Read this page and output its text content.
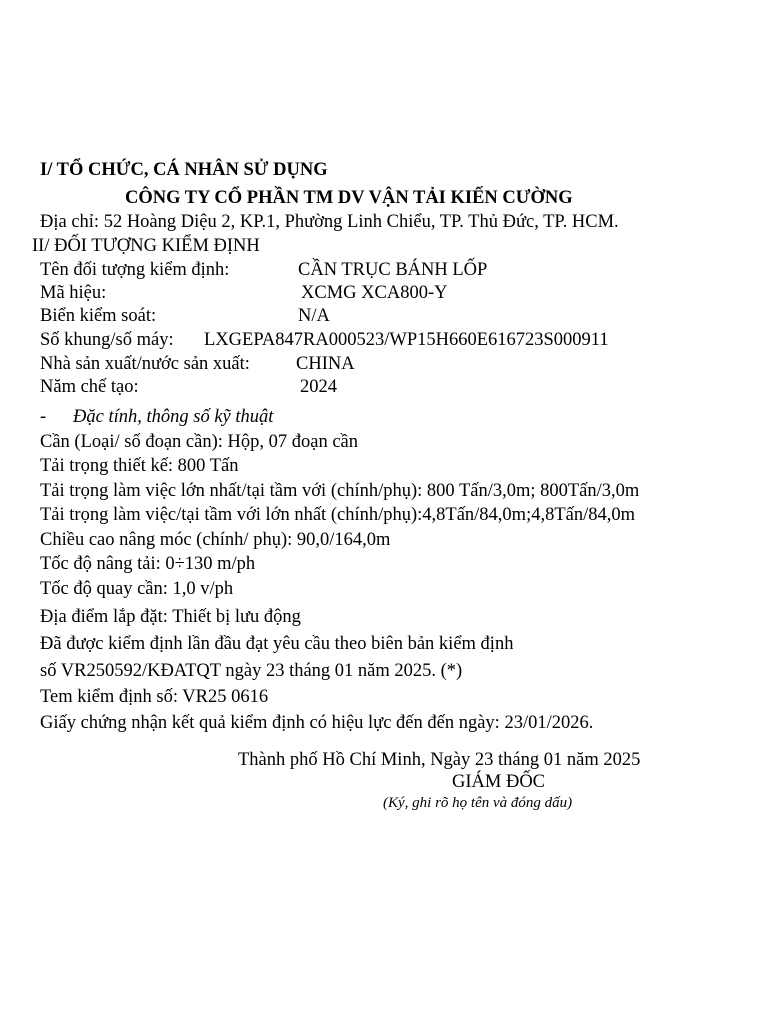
I/ TỔ CHỨC, CÁ NHÂN SỬ DỤNG
CÔNG TY CỔ PHẦN TM DV VẬN TẢI KIẾN CƯỜNG
Địa chỉ: 52 Hoàng Diệu 2, KP.1, Phường Linh Chiểu, TP. Thủ Đức, TP. HCM.
II/ ĐỐI TƯỢNG KIỂM ĐỊNH
Tên đối tượng kiểm định:	CẦN TRỤC BÁNH LỐP
Mã hiệu:	XCMG XCA800-Y
Biển kiểm soát:	N/A
Số khung/số máy: LXGEPA847RA000523/WP15H660E616723S000911
Nhà sản xuất/nước sản xuất: CHINA
Năm chế tạo:	2024
- Đặc tính, thông số kỹ thuật
Cần (Loại/ số đoạn cần): Hộp, 07 đoạn cần
Tải trọng thiết kế: 800 Tấn
Tải trọng làm việc lớn nhất/tại tầm với (chính/phụ): 800 Tấn/3,0m; 800Tấn/3,0m
Tải trọng làm việc/tại tầm với lớn nhất (chính/phụ):4,8Tấn/84,0m;4,8Tấn/84,0m
Chiều cao nâng móc (chính/ phụ): 90,0/164,0m
Tốc độ nâng tải: 0÷130 m/ph
Tốc độ quay cần: 1,0 v/ph
Địa điểm lắp đặt: Thiết bị lưu động
Đã được kiểm định lần đầu đạt yêu cầu theo biên bản kiểm định
số VR250592/KĐATQT ngày 23 tháng 01 năm 2025. (*)
Tem kiểm định số: VR25 0616
Giấy chứng nhận kết quả kiểm định có hiệu lực đến đến ngày: 23/01/2026.
Thành phố Hồ Chí Minh, Ngày 23 tháng 01 năm 2025
GIÁM ĐỐC
(Ký, ghi rõ họ tên và đóng dấu)
